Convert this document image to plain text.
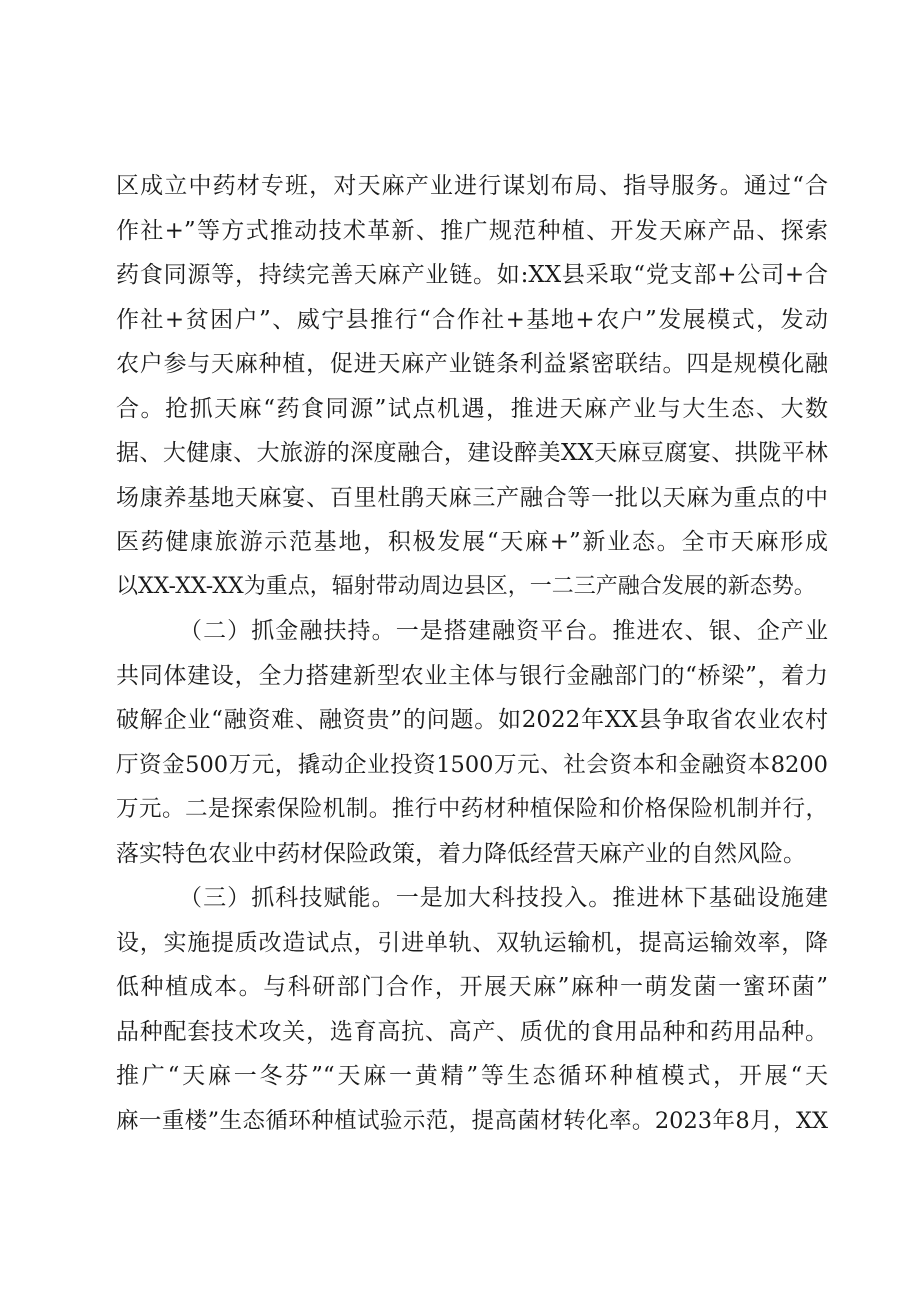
区成立中药材专班，对天麻产业进行谋划布局、指导服务。通过“合
作社+”等方式推动技术革新、推广规范种植、开发天麻产品、探索
药食同源等，持续完善天麻产业链。如:XX县采取“党支部+公司+合
作社+贫困户”、威宁县推行“合作社+基地+农户”发展模式，发动
农户参与天麻种植，促进天麻产业链条利益紧密联结。四是规模化融
合。抢抓天麻“药食同源”试点机遇，推进天麻产业与大生态、大数
据、大健康、大旅游的深度融合，建设醉美XX天麻豆腐宴、拱陇平林
场康养基地天麻宴、百里杜鹃天麻三产融合等一批以天麻为重点的中
医药健康旅游示范基地，积极发展“天麻+”新业态。全市天麻形成
以XX-XX-XX为重点，辐射带动周边县区，一二三产融合发展的新态势。
（二）抓金融扶持。一是搭建融资平台。推进农、银、企产业
共同体建设，全力搭建新型农业主体与银行金融部门的“桥梁”，着力
破解企业“融资难、融资贵”的问题。如2022年XX县争取省农业农村
厅资金500万元，撬动企业投资1500万元、社会资本和金融资本8200
万元。二是探索保险机制。推行中药材种植保险和价格保险机制并行，
落实特色农业中药材保险政策，着力降低经营天麻产业的自然风险。
（三）抓科技赋能。一是加大科技投入。推进林下基础设施建
设，实施提质改造试点，引进单轨、双轨运输机，提高运输效率，降
低种植成本。与科研部门合作，开展天麻”麻种一萌发菌一蜜环菌”
品种配套技术攻关，选育高抗、高产、质优的食用品种和药用品种。
推广“天麻一冬芬”“天麻一黄精”等生态循环种植模式，开展“天
麻一重楼”生态循环种植试验示范，提高菌材转化率。2023年8月，XX
